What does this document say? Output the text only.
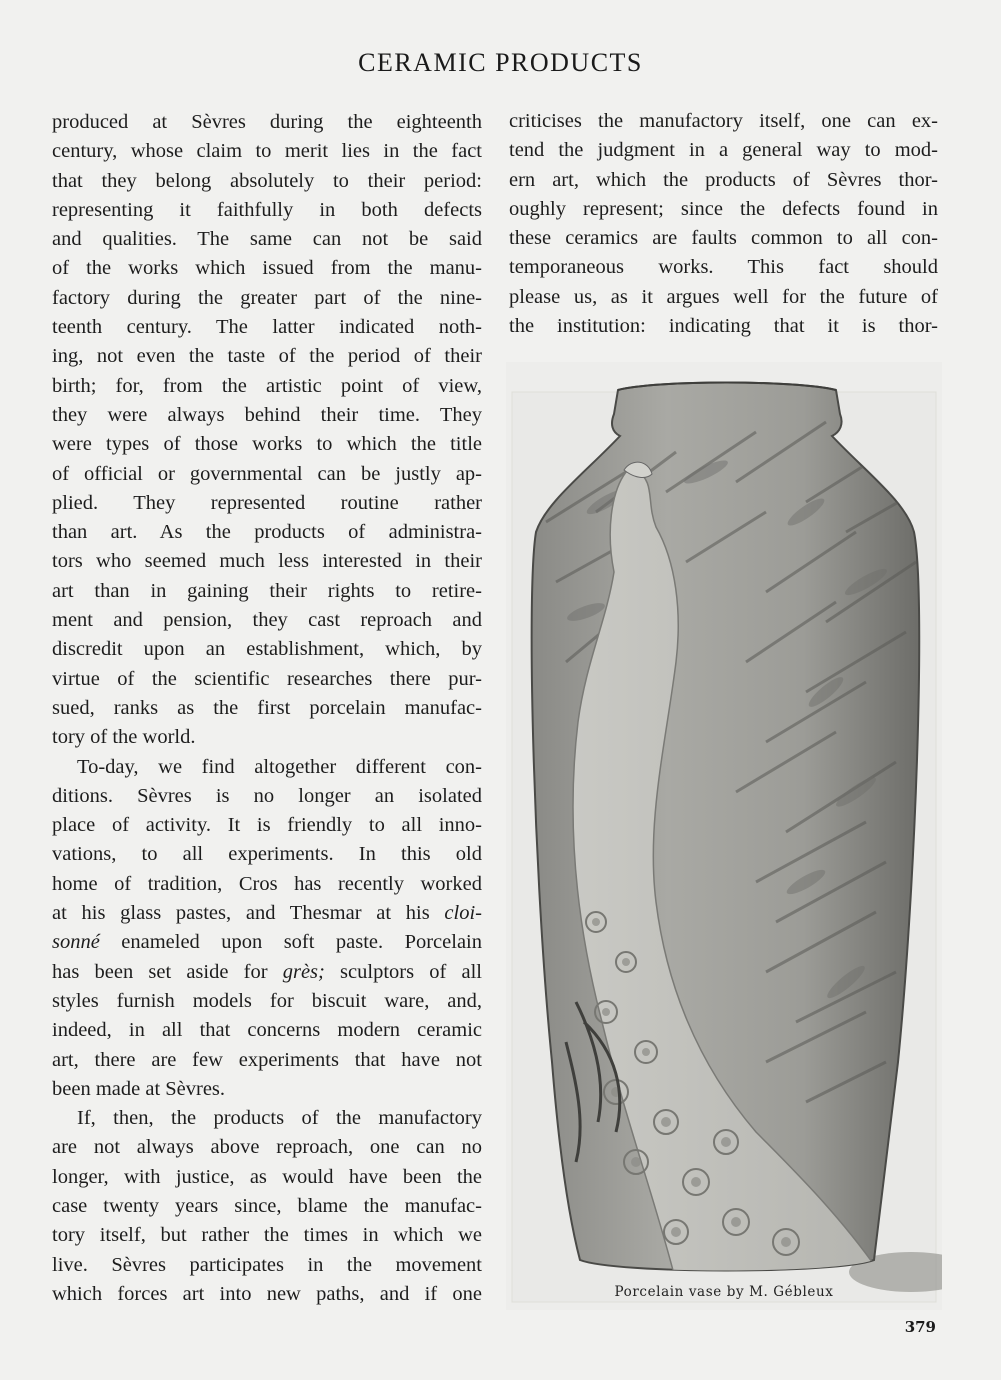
CERAMIC PRODUCTS
produced at Sèvres during the eighteenth
century, whose claim to merit lies in the fact
that they belong absolutely to their period:
representing it faithfully in both defects
and qualities. The same can not be said
of the works which issued from the manu-
factory during the greater part of the nine-
teenth century. The latter indicated noth-
ing, not even the taste of the period of their
birth; for, from the artistic point of view,
they were always behind their time. They
were types of those works to which the title
of official or governmental can be justly ap-
plied. They represented routine rather
than art. As the products of administra-
tors who seemed much less interested in their
art than in gaining their rights to retire-
ment and pension, they cast reproach and
discredit upon an establishment, which, by
virtue of the scientific researches there pur-
sued, ranks as the first porcelain manufac-
tory of the world.
To-day, we find altogether different con-
ditions. Sèvres is no longer an isolated
place of activity. It is friendly to all inno-
vations, to all experiments. In this old
home of tradition, Cros has recently worked
at his glass pastes, and Thesmar at his cloi-
sonné enameled upon soft paste. Porcelain
has been set aside for grès; sculptors of all
styles furnish models for biscuit ware, and,
indeed, in all that concerns modern ceramic
art, there are few experiments that have not
been made at Sèvres.
If, then, the products of the manufactory
are not always above reproach, one can no
longer, with justice, as would have been the
case twenty years since, blame the manufac-
tory itself, but rather the times in which we
live. Sèvres participates in the movement
which forces art into new paths, and if one
criticises the manufactory itself, one can ex-
tend the judgment in a general way to mod-
ern art, which the products of Sèvres thor-
oughly represent; since the defects found in
these ceramics are faults common to all con-
temporaneous works. This fact should
please us, as it argues well for the future of
the institution: indicating that it is thor-
Porcelain vase by M. Gébleux
379
